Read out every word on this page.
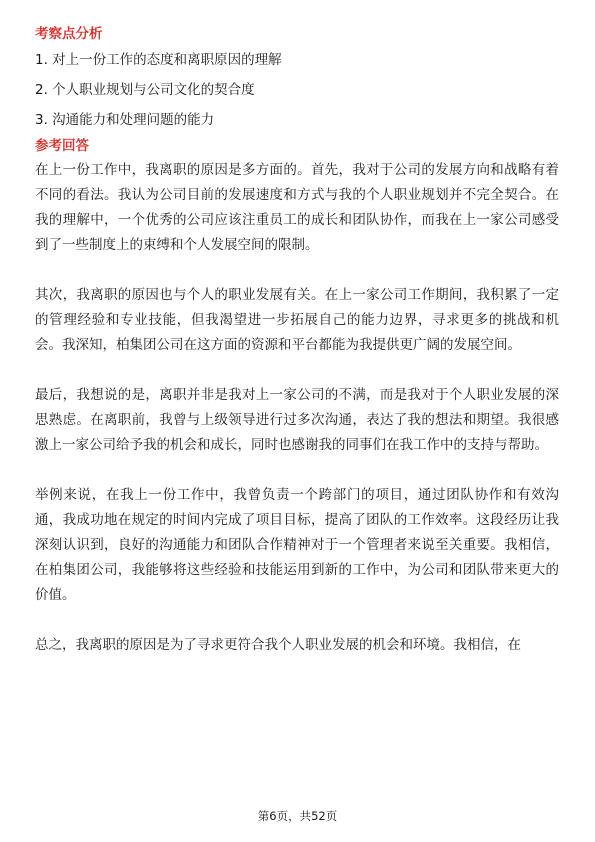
考察点分析
1. 对上一份工作的态度和离职原因的理解
2. 个人职业规划与公司文化的契合度
3. 沟通能力和处理问题的能力
参考回答

在上一份工作中，我离职的原因是多方面的。首先，我对于公司的发展方向和战略有着不同的看法。我认为公司目前的发展速度和方式与我的个人职业规划并不完全契合。在我的理解中，一个优秀的公司应该注重员工的成长和团队协作，而我在上一家公司感受到了一些制度上的束缚和个人发展空间的限制。

其次，我离职的原因也与个人的职业发展有关。在上一家公司工作期间，我积累了一定的管理经验和专业技能，但我渴望进一步拓展自己的能力边界，寻求更多的挑战和机会。我深知，柏集团公司在这方面的资源和平台都能为我提供更广阔的发展空间。

最后，我想说的是，离职并非是我对上一家公司的不满，而是我对于个人职业发展的深思熟虑。在离职前，我曾与上级领导进行过多次沟通，表达了我的想法和期望。我很感激上一家公司给予我的机会和成长，同时也感谢我的同事们在我工作中的支持与帮助。

举例来说，在我上一份工作中，我曾负责一个跨部门的项目，通过团队协作和有效沟通，我成功地在规定的时间内完成了项目目标，提高了团队的工作效率。这段经历让我深刻认识到，良好的沟通能力和团队合作精神对于一个管理者来说至关重要。我相信，在柏集团公司，我能够将这些经验和技能运用到新的工作中，为公司和团队带来更大的价值。

总之，我离职的原因是为了寻求更符合我个人职业发展的机会和环境。我相信，在

第6页，共52页
